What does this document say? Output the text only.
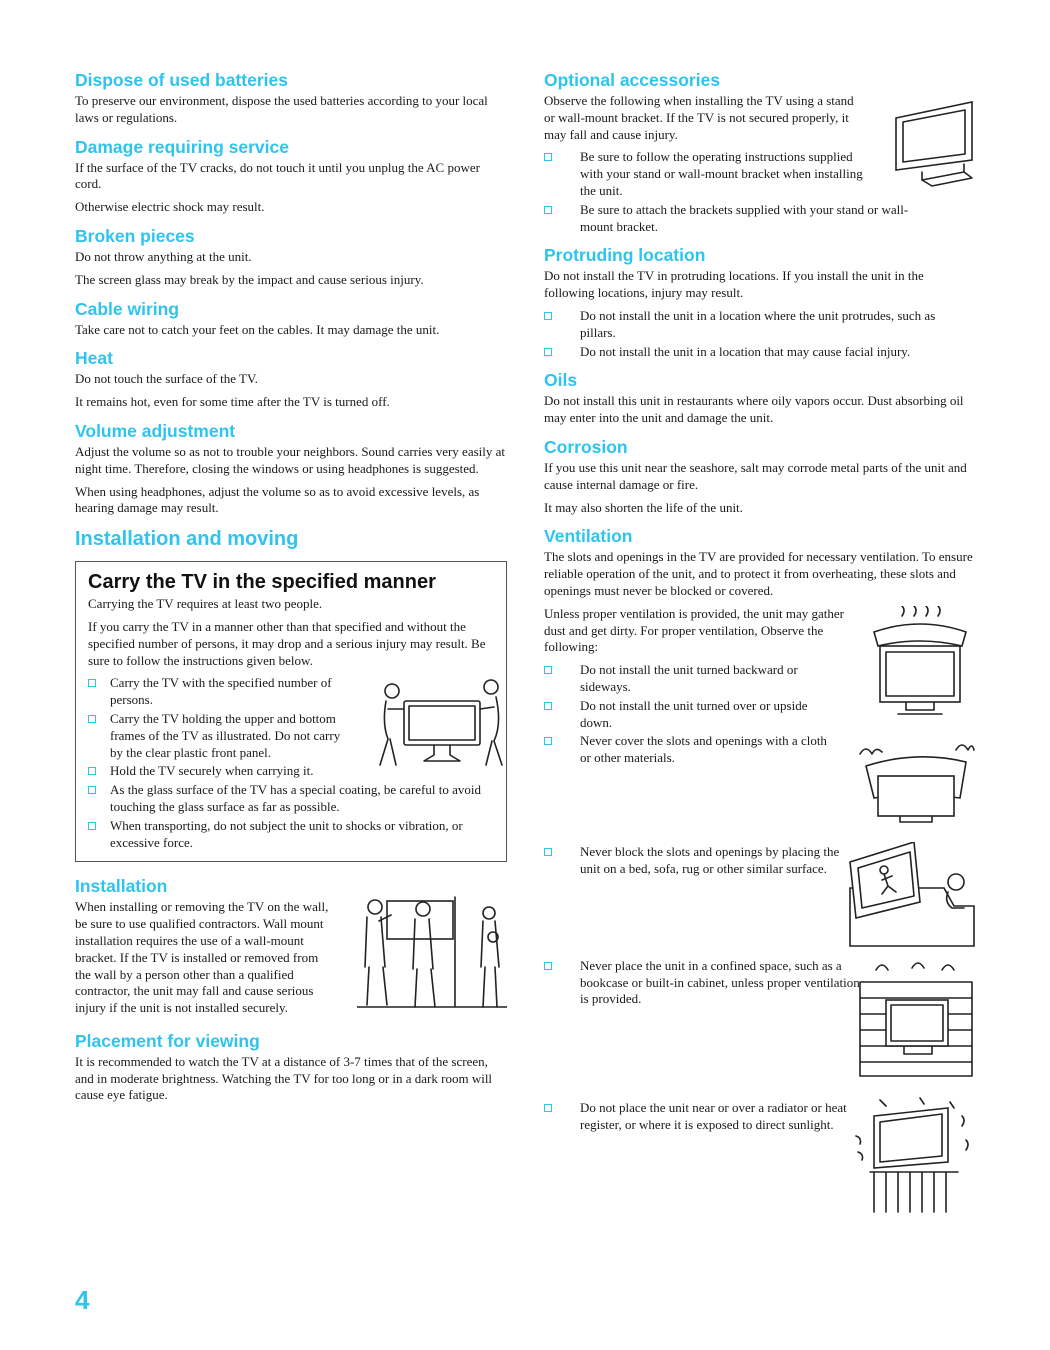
Dispose of used batteries

To preserve our environment, dispose the used batteries according to your local laws or regulations.

Damage requiring service

If the surface of the TV cracks, do not touch it until you unplug the AC power cord.

Otherwise electric shock may result.

Broken pieces

Do not throw anything at the unit.

The screen glass may break by the impact and cause serious injury.

Cable wiring

Take care not to catch your feet on the cables. It may damage the unit.

Heat

Do not touch the surface of the TV.

It remains hot, even for some time after the TV is turned off.

Volume adjustment

Adjust the volume so as not to trouble your neighbors. Sound carries very easily at night time. Therefore, closing the windows or using headphones is suggested.

When using headphones, adjust the volume so as to avoid excessive levels, as hearing damage may result.

Installation and moving
Carry the TV in the specified manner

Carrying the TV requires at least two people.

If you carry the TV in a manner other than that specified and without the specified number of persons, it may drop and a serious injury may result. Be sure to follow the instructions given below.

Carry the TV with the specified number of persons.
Carry the TV holding the upper and bottom frames of the TV as illustrated. Do not carry by the clear plastic front panel.
Hold the TV securely when carrying it.
As the glass surface of the TV has a special coating, be careful to avoid touching the glass surface as far as possible.
When transporting, do not subject the unit to shocks or vibration, or excessive force.
Installation

When installing or removing the TV on the wall, be sure to use qualified contractors. Wall mount installation requires the use of a wall-mount bracket. If the TV is installed or removed from the wall by a person other than a qualified contractor, the unit may fall and cause serious injury if the unit is not installed securely.

Placement for viewing

It is recommended to watch the TV at a distance of 3-7 times that of the screen, and in moderate brightness. Watching the TV for too long or in a dark room will cause eye fatigue.

Optional accessories

Observe the following when installing the TV using a stand or wall-mount bracket. If the TV is not secured properly, it may fall and cause injury.

Be sure to follow the operating instructions supplied with your stand or wall-mount bracket when installing the unit.
Be sure to attach the brackets supplied with your stand or wall-mount bracket.
Protruding location

Do not install the TV in protruding locations. If you install the unit in the following locations, injury may result.

Do not install the unit in a location where the unit protrudes, such as pillars.
Do not install the unit in a location that may cause facial injury.
Oils

Do not install this unit in restaurants where oily vapors occur. Dust absorbing oil may enter into the unit and damage the unit.

Corrosion

If you use this unit near the seashore, salt may corrode metal parts of the unit and cause internal damage or fire.

It may also shorten the life of the unit.

Ventilation

The slots and openings in the TV are provided for necessary ventilation. To ensure reliable operation of the unit, and to protect it from overheating, these slots and openings must never be blocked or covered.

Unless proper ventilation is provided, the unit may gather dust and get dirty. For proper ventilation, Observe the following:

Do not install the unit turned backward or sideways.
Do not install the unit turned over or upside down.
Never cover the slots and openings with a cloth or other materials.
Never block the slots and openings by placing the unit on a bed, sofa, rug or other similar surface.
Never place the unit in a confined space, such as a bookcase or built-in cabinet, unless proper ventilation is provided.
Do not place the unit near or over a radiator or heat register, or where it is exposed to direct sunlight.
4
